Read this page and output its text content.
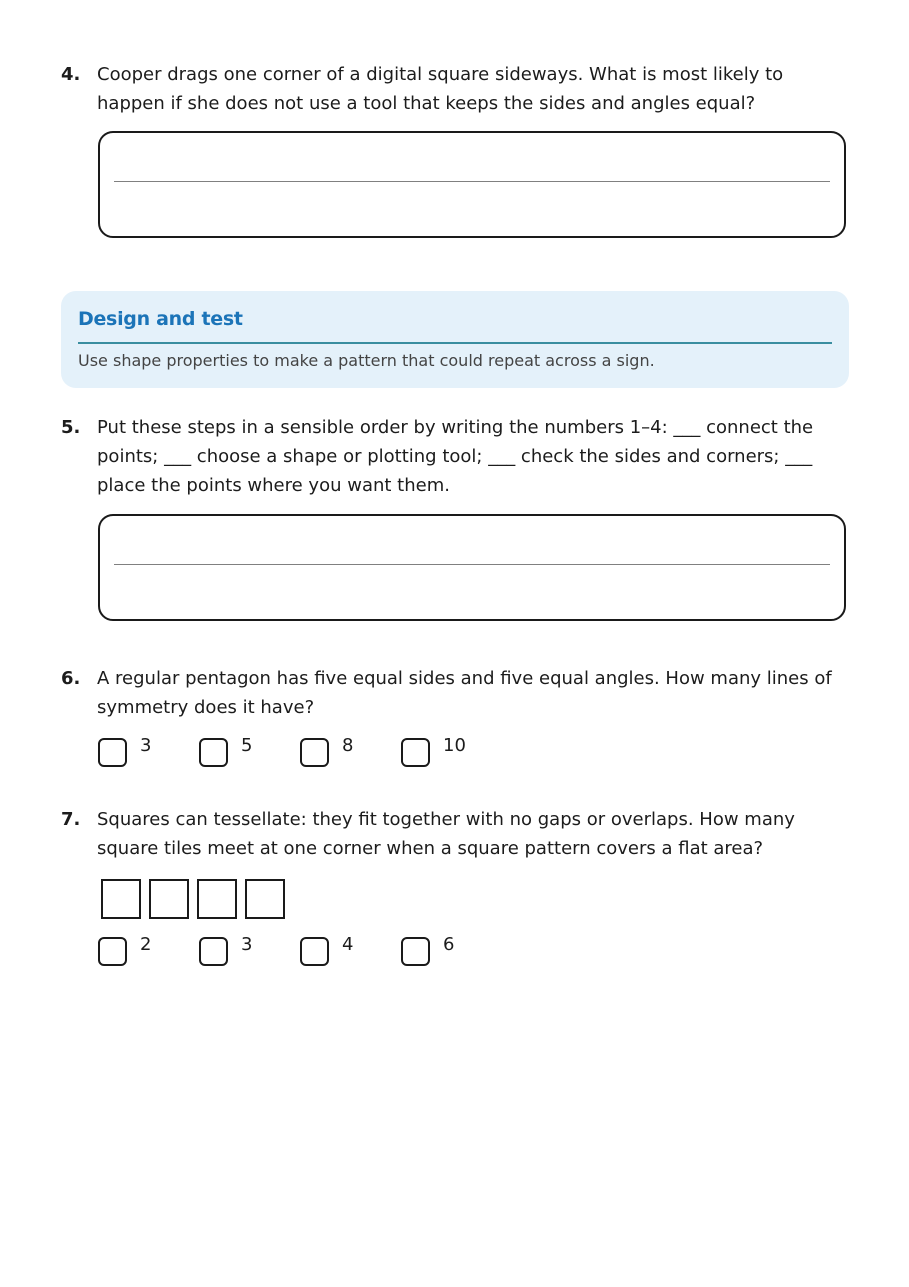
4. Cooper drags one corner of a digital square sideways. What is most likely to happen if she does not use a tool that keeps the sides and angles equal?
Design and test
Use shape properties to make a pattern that could repeat across a sign.
5. Put these steps in a sensible order by writing the numbers 1–4: ___ connect the points; ___ choose a shape or plotting tool; ___ check the sides and corners; ___ place the points where you want them.
6. A regular pentagon has five equal sides and five equal angles. How many lines of symmetry does it have?
3	5	8	10
7. Squares can tessellate: they fit together with no gaps or overlaps. How many square tiles meet at one corner when a square pattern covers a flat area?
2	3	4	6
